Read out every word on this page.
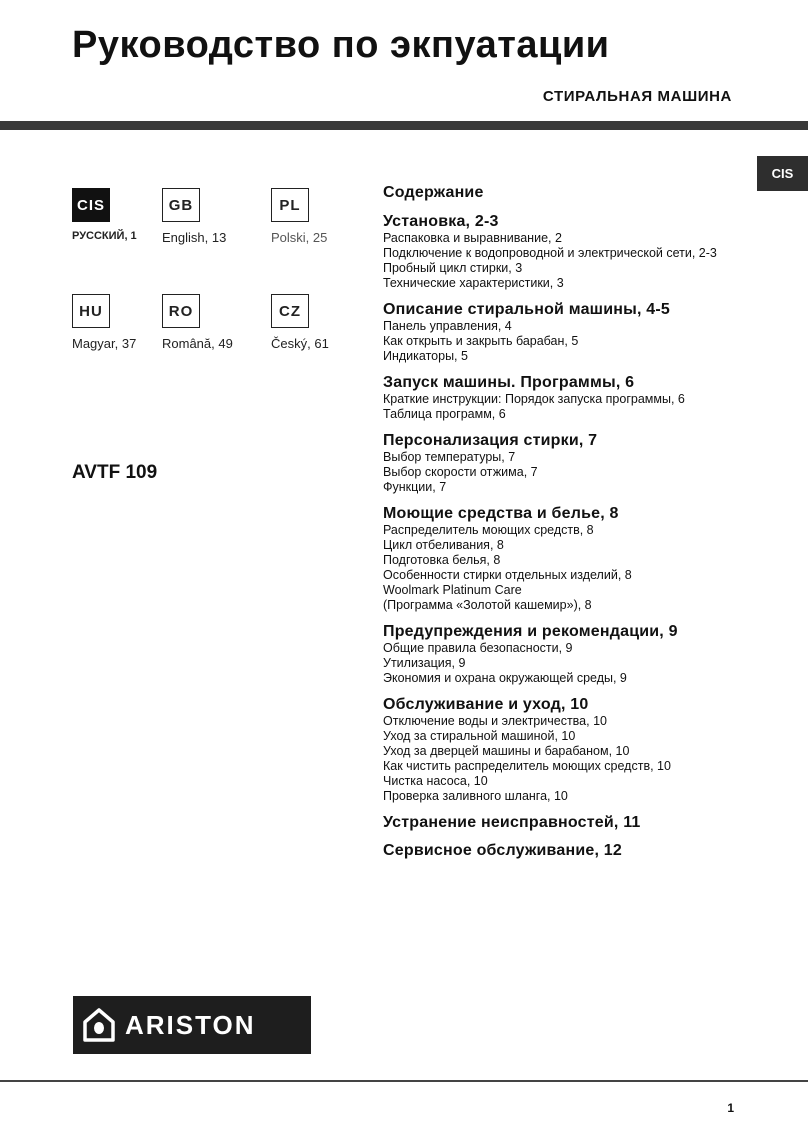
Руководство по экпуатации
СТИРАЛЬНАЯ МАШИНА
CIS
CIS
РУССКИЙ, 1
GB
English, 13
PL
Polski, 25
HU
Magyar, 37
RO
Română, 49
CZ
Český, 61
AVTF 109
Содержание
Установка, 2-3
Распаковка и выравнивание, 2
Подключение к водопроводной и электрической сети, 2-3
Пробный цикл стирки, 3
Технические характеристики, 3
Описание стиральной машины, 4-5
Панель управления, 4
Как открыть и закрыть барабан, 5
Индикаторы, 5
Запуск машины. Программы, 6
Краткие инструкции: Порядок запуска программы, 6
Таблица программ, 6
Персонализация стирки, 7
Выбор температуры, 7
Выбор скорости отжима, 7
Функции, 7
Моющие средства и белье, 8
Распределитель моющих средств, 8
Цикл отбеливания, 8
Подготовка белья, 8
Особенности стирки отдельных изделий, 8
Woolmark Platinum Care
(Программа «Золотой кашемир»), 8
Предупреждения и рекомендации, 9
Общие правила безопасности, 9
Утилизация, 9
Экономия и охрана окружающей среды, 9
Обслуживание и уход, 10
Отключение воды и электричества, 10
Уход за стиральной машиной, 10
Уход за дверцей машины и барабаном, 10
Как чистить распределитель моющих средств, 10
Чистка насоса, 10
Проверка заливного шланга, 10
Устранение неисправностей, 11
Сервисное обслуживание, 12
ARISTON
1
